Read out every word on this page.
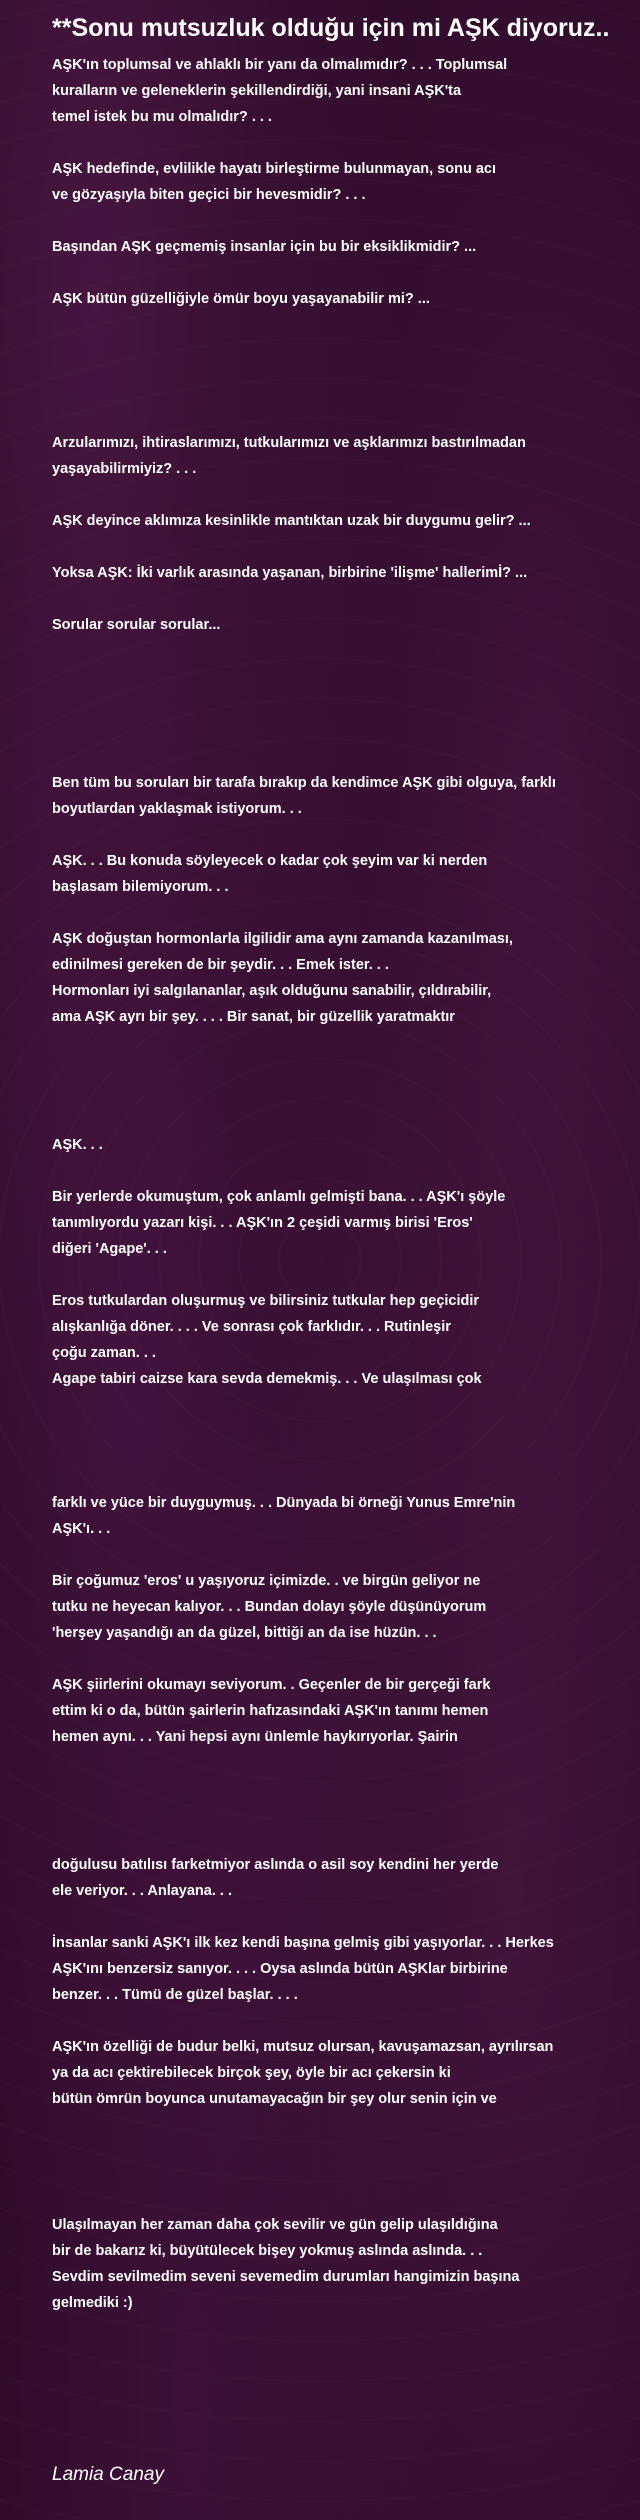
**Sonu mutsuzluk olduğu için mi AŞK diyoruz..

AŞK'ın toplumsal ve ahlaklı bir yanı da olmalımıdır? . . . Toplumsal
kuralların ve geleneklerin şekillendirdiği, yani insani AŞK'ta
temel istek bu mu olmalıdır? . . .

AŞK hedefinde, evlilikle hayatı birleştirme bulunmayan, sonu acı
ve gözyaşıyla biten geçici bir hevesmidir? . . .

Başından AŞK geçmemiş insanlar için bu bir eksiklikmidir? ...

AŞK bütün güzelliğiyle ömür boyu yaşayanabilir mi? ...

Arzularımızı, ihtiraslarımızı, tutkularımızı ve aşklarımızı bastırılmadan
yaşayabilirmiyiz? . . .

AŞK deyince aklımıza kesinlikle mantıktan uzak bir duygumu gelir? ...

Yoksa AŞK: İki varlık arasında yaşanan, birbirine 'ilişme' hallerimİ? ...

Sorular sorular sorular...

Ben tüm bu soruları bir tarafa bırakıp da kendimce AŞK gibi olguya, farklı
boyutlardan yaklaşmak istiyorum. . .

AŞK. . . Bu konuda söyleyecek o kadar çok şeyim var ki nerden
başlasam bilemiyorum. . .

AŞK doğuştan hormonlarla ilgilidir ama aynı zamanda kazanılması,
edinilmesi gereken de bir şeydir. . . Emek ister. . .
Hormonları iyi salgılananlar, aşık olduğunu sanabilir, çıldırabilir,
ama AŞK ayrı bir şey. . . . Bir sanat, bir güzellik yaratmaktır

AŞK. . .

Bir yerlerde okumuştum, çok anlamlı gelmişti bana. . . AŞK'ı şöyle
tanımlıyordu yazarı kişi. . . AŞK'ın 2 çeşidi varmış birisi 'Eros'
diğeri 'Agape'. . .

Eros tutkulardan oluşurmuş ve bilirsiniz tutkular hep geçicidir
alışkanlığa döner. . . . Ve sonrası çok farklıdır. . . Rutinleşir
çoğu zaman. . .
Agape tabiri caizse kara sevda demekmiş. . . Ve ulaşılması çok

farklı ve yüce bir duyguymuş. . . Dünyada bi örneği Yunus Emre'nin
AŞK'ı. . .

Bir çoğumuz 'eros' u yaşıyoruz içimizde. . ve birgün geliyor ne
tutku ne heyecan kalıyor. . . Bundan dolayı şöyle düşünüyorum
'herşey yaşandığı an da güzel, bittiği an da ise hüzün. . .

AŞK şiirlerini okumayı seviyorum. . Geçenler de bir gerçeği fark
ettim ki o da, bütün şairlerin hafızasındaki AŞK'ın tanımı hemen
hemen aynı. . . Yani hepsi aynı ünlemle haykırıyorlar. Şairin

doğulusu batılısı farketmiyor aslında o asil soy kendini her yerde
ele veriyor. . . Anlayana. . .

İnsanlar sanki AŞK'ı ilk kez kendi başına gelmiş gibi yaşıyorlar. . . Herkes
AŞK'ını benzersiz sanıyor. . . . Oysa aslında bütün AŞKlar birbirine
benzer. . . Tümü de güzel başlar. . . .

AŞK'ın özelliği de budur belki, mutsuz olursan, kavuşamazsan, ayrılırsan
ya da acı çektirebilecek birçok şey, öyle bir acı çekersin ki
bütün ömrün boyunca unutamayacağın bir şey olur senin için ve

Ulaşılmayan her zaman daha çok sevilir ve gün gelip ulaşıldığına
bir de bakarız ki, büyütülecek bişey yokmuş aslında aslında. . .
Sevdim sevilmedim seveni sevemedim durumları hangimizin başına
gelmediki :)

Lamia Canay
